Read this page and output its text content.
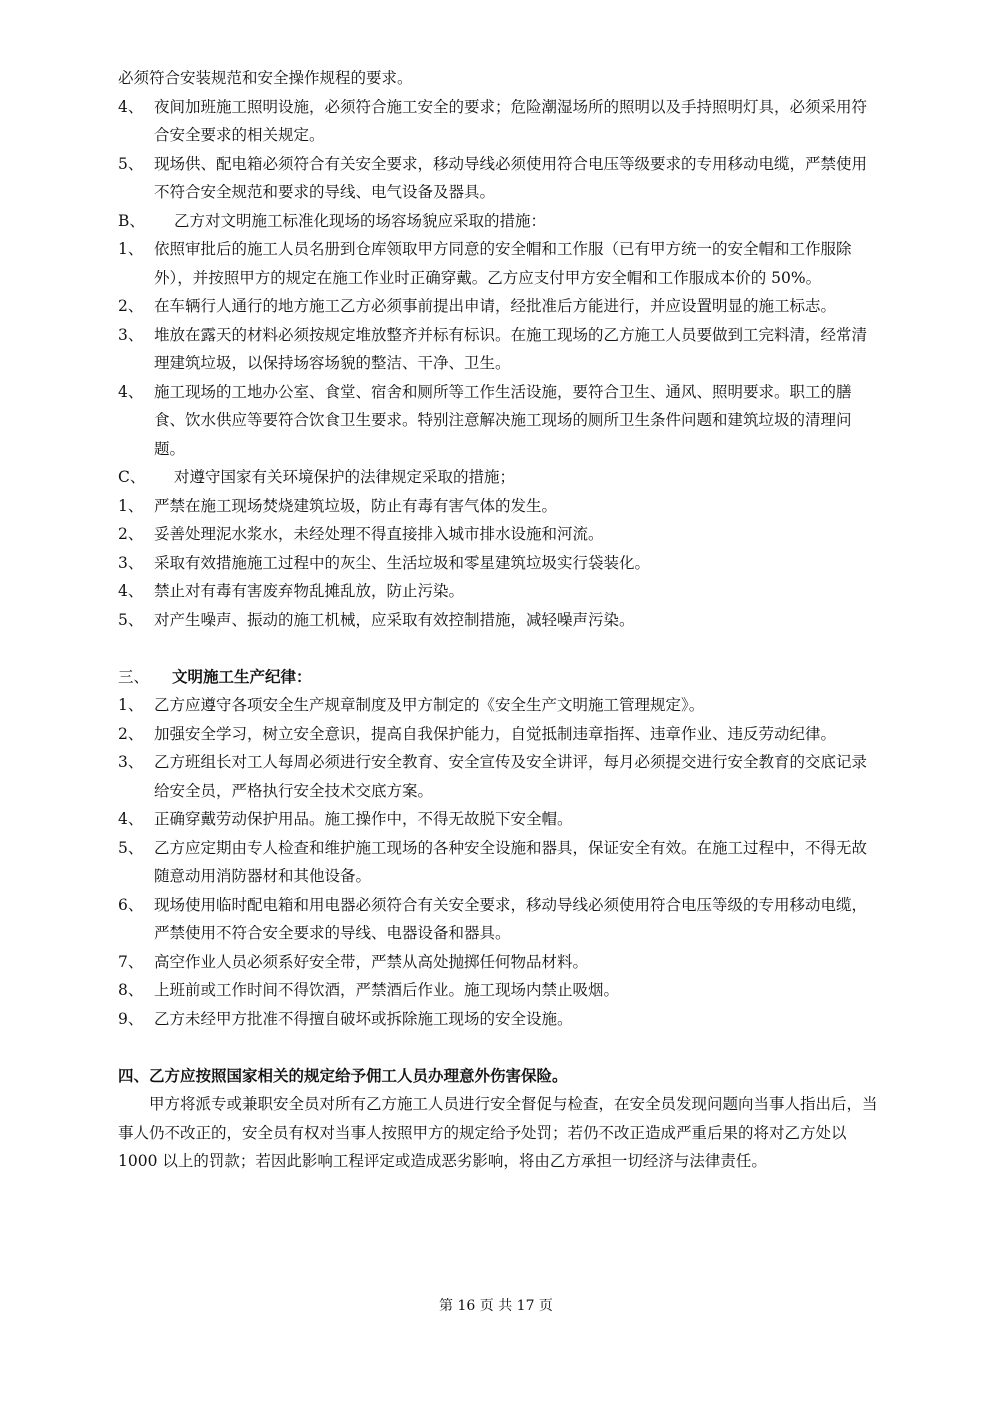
必须符合安装规范和安全操作规程的要求。

4、 夜间加班施工照明设施，必须符合施工安全的要求；危险潮湿场所的照明以及手持照明灯具，必须采用符合安全要求的相关规定。
5、 现场供、配电箱必须符合有关安全要求，移动导线必须使用符合电压等级要求的专用移动电缆，严禁使用不符合安全规范和要求的导线、电气设备及器具。
B、	乙方对文明施工标准化现场的场容场貌应采取的措施：
1、 依照审批后的施工人员名册到仓库领取甲方同意的安全帽和工作服（已有甲方统一的安全帽和工作服除外），并按照甲方的规定在施工作业时正确穿戴。乙方应支付甲方安全帽和工作服成本价的 50%。
2、 在车辆行人通行的地方施工乙方必须事前提出申请，经批准后方能进行，并应设置明显的施工标志。
3、 堆放在露天的材料必须按规定堆放整齐并标有标识。在施工现场的乙方施工人员要做到工完料清，经常清理建筑垃圾，以保持场容场貌的整洁、干净、卫生。
4、 施工现场的工地办公室、食堂、宿舍和厕所等工作生活设施，要符合卫生、通风、照明要求。职工的膳食、饮水供应等要符合饮食卫生要求。特别注意解决施工现场的厕所卫生条件问题和建筑垃圾的清理问题。
C、	对遵守国家有关环境保护的法律规定采取的措施；
1、 严禁在施工现场焚烧建筑垃圾，防止有毒有害气体的发生。
2、 妥善处理泥水浆水，未经处理不得直接排入城市排水设施和河流。
3、 采取有效措施施工过程中的灰尘、生活垃圾和零星建筑垃圾实行袋装化。
4、 禁止对有毒有害废弃物乱摊乱放，防止污染。
5、 对产生噪声、振动的施工机械，应采取有效控制措施，减轻噪声污染。
三、	文明施工生产纪律：
1、 乙方应遵守各项安全生产规章制度及甲方制定的《安全生产文明施工管理规定》。
2、 加强安全学习，树立安全意识，提高自我保护能力，自觉抵制违章指挥、违章作业、违反劳动纪律。
3、 乙方班组长对工人每周必须进行安全教育、安全宣传及安全讲评，每月必须提交进行安全教育的交底记录给安全员，严格执行安全技术交底方案。
4、 正确穿戴劳动保护用品。施工操作中，不得无故脱下安全帽。
5、 乙方应定期由专人检查和维护施工现场的各种安全设施和器具，保证安全有效。在施工过程中，不得无故随意动用消防器材和其他设备。
6、 现场使用临时配电箱和用电器必须符合有关安全要求，移动导线必须使用符合电压等级的专用移动电缆，严禁使用不符合安全要求的导线、电器设备和器具。
7、 高空作业人员必须系好安全带，严禁从高处抛掷任何物品材料。
8、 上班前或工作时间不得饮酒，严禁酒后作业。施工现场内禁止吸烟。
9、 乙方未经甲方批准不得擅自破坏或拆除施工现场的安全设施。

四、乙方应按照国家相关的规定给予佣工人员办理意外伤害保险。

甲方将派专或兼职安全员对所有乙方施工人员进行安全督促与检查，在安全员发现问题向当事人指出后，当事人仍不改正的，安全员有权对当事人按照甲方的规定给予处罚；若仍不改正造成严重后果的将对乙方处以 1000 以上的罚款；若因此影响工程评定或造成恶劣影响，将由乙方承担一切经济与法律责任。

第 16 页 共 17 页
